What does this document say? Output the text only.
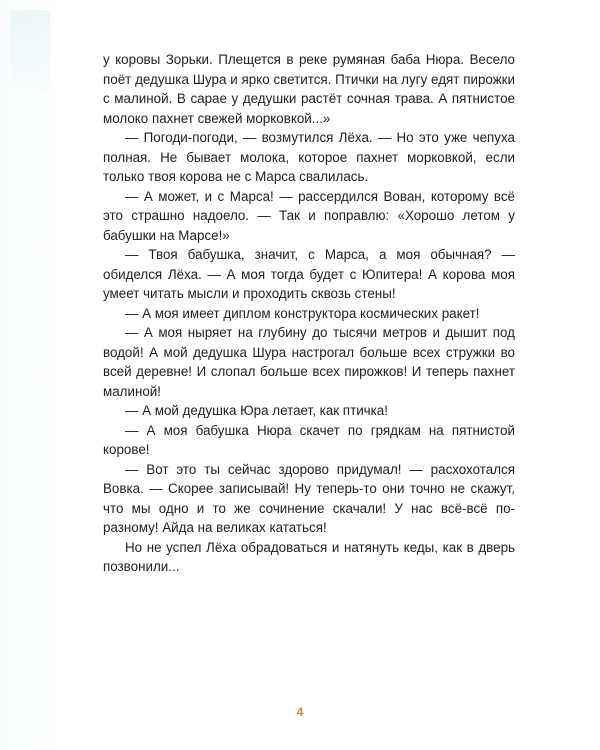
у коровы Зорьки. Плещется в реке румяная баба Нюра. Весело поёт дедушка Шура и ярко светится. Птички на лугу едят пирожки с малиной. В сарае у дедушки растёт сочная трава. А пятнистое молоко пахнет свежей морковкой...»

— Погоди-погоди, — возмутился Лёха. — Но это уже чепуха полная. Не бывает молока, которое пахнет морковкой, если только твоя корова не с Марса свалилась.

— А может, и с Марса! — рассердился Вован, которому всё это страшно надоело. — Так и поправлю: «Хорошо летом у бабушки на Марсе!»

— Твоя бабушка, значит, с Марса, а моя обычная? — обиделся Лёха. — А моя тогда будет с Юпитера! А корова моя умеет читать мысли и проходить сквозь стены!

— А моя имеет диплом конструктора космических ракет!

— А моя ныряет на глубину до тысячи метров и дышит под водой! А мой дедушка Шура настрогал больше всех стружки во всей деревне! И слопал больше всех пирожков! И теперь пахнет малиной!

— А мой дедушка Юра летает, как птичка!

— А моя бабушка Нюра скачет по грядкам на пятнистой корове!

— Вот это ты сейчас здорово придумал! — расхохотался Вовка. — Скорее записывай! Ну теперь-то они точно не скажут, что мы одно и то же сочинение скачали! У нас всё-всё по-разному! Айда на великах кататься!

Но не успел Лёха обрадоваться и натянуть кеды, как в дверь позвонили...

4
